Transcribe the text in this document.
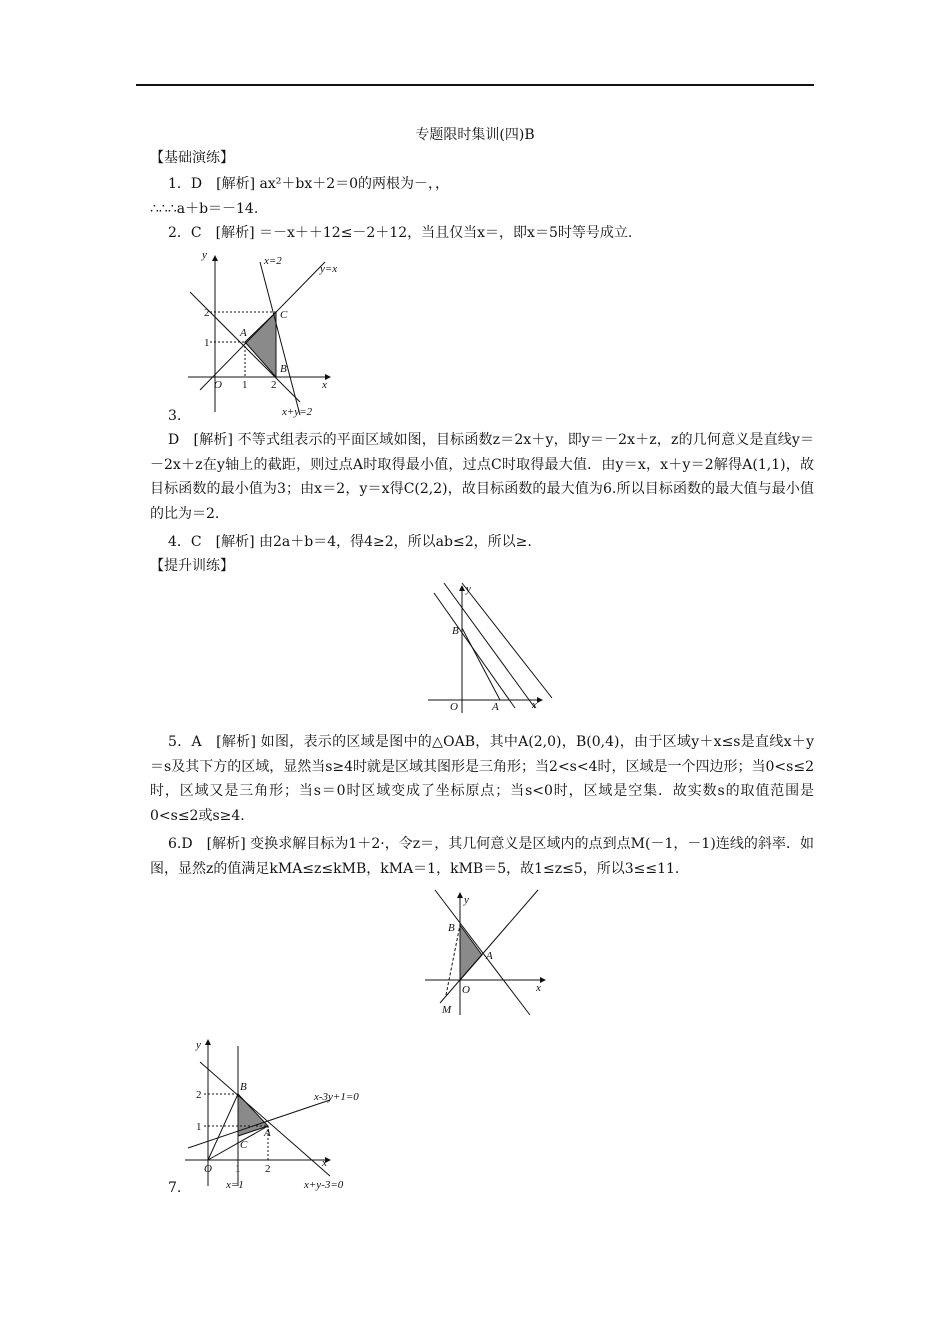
专题限时集训(四)B
【基础演练】
1．D　[解析] ax²＋bx＋2＝0的两根为－，，
∴∴∴a＋b＝－14.
2．C　[解析] ＝－x＋＋12≤－2＋12，当且仅当x＝，即x＝5时等号成立.
y
x
O 1 2
1
2
A
B
C
x=2
y=x
x+y=2
3.
D　[解析] 不等式组表示的平面区域如图，目标函数z＝2x＋y，即y＝－2x＋z，z的几何意义是直线y＝－2x＋z在y轴上的截距，则过点A时取得最小值，过点C时取得最大值．由y＝x，x＋y＝2解得A(1,1)，故目标函数的最小值为3；由x＝2，y＝x得C(2,2)，故目标函数的最大值为6.所以目标函数的最大值与最小值的比为＝2.
4．C　[解析] 由2a＋b＝4，得4≥2，所以ab≤2，所以≥.
【提升训练】
y
x
O	A
B
5．A　[解析] 如图，表示的区域是图中的△OAB，其中A(2,0)，B(0,4)，由于区域y＋x≤s是直线x＋y＝s及其下方的区域，显然当s≥4时就是区域其图形是三角形；当2<s<4时，区域是一个四边形；当0<s≤2时，区域又是三角形；当s＝0时区域变成了坐标原点；当s<0时，区域是空集．故实数s的取值范围是0<s≤2或s≥4.
6.D　[解析] 变换求解目标为1＋2·，令z＝，其几何意义是区域内的点到点M(－1，－1)连线的斜率．如图，显然z的值满足kMA≤z≤kMB，kMA＝1，kMB＝5，故1≤z≤5，所以3≤≤11.
y
x
O
A
B
M
y
x
O 1 2
1
2
B
A
C
x-3y+1=0
x=1	x+y-3=0
7.
